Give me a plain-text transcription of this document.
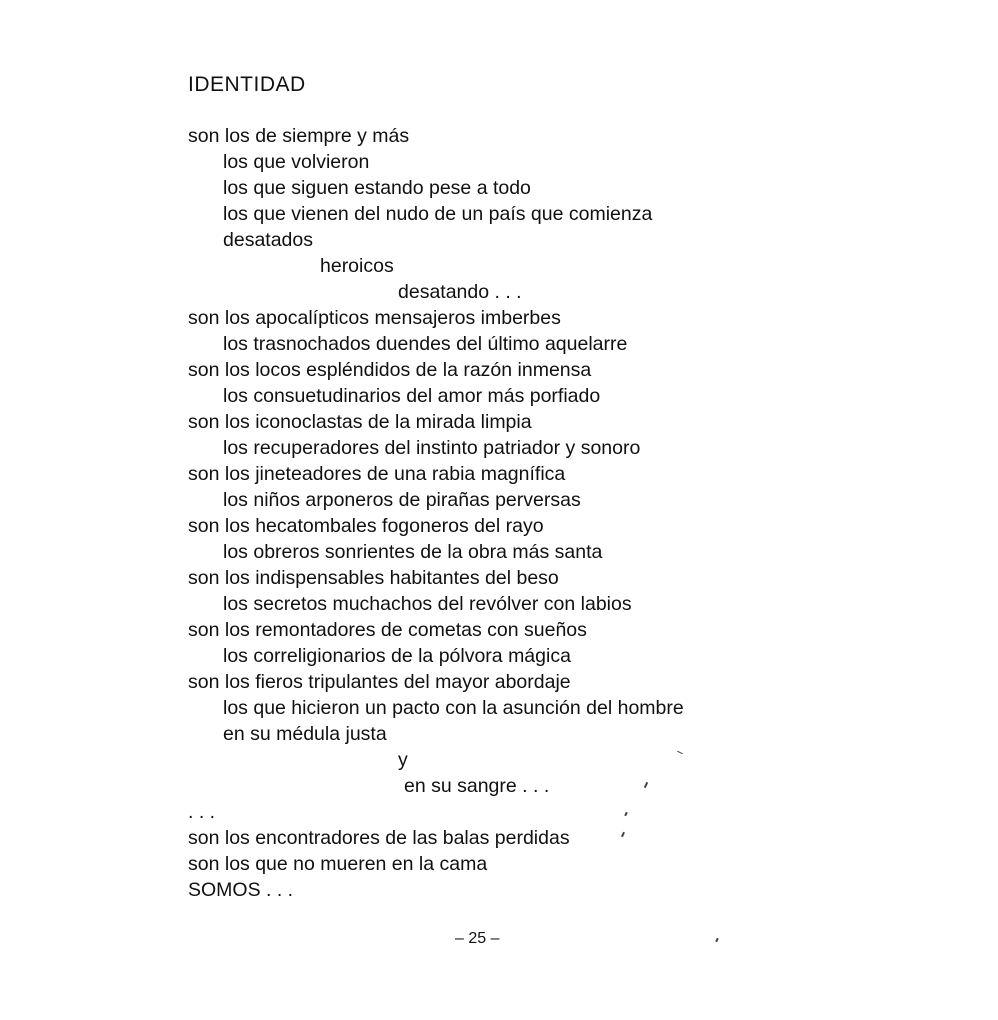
IDENTIDAD
son los de siempre y más
los que volvieron
los que siguen estando pese a todo
los que vienen del nudo de un país que comienza
desatados
heroicos
desatando . . .
son los apocalípticos mensajeros imberbes
los trasnochados duendes del último aquelarre
son los locos espléndidos de la razón inmensa
los consuetudinarios del amor más porfiado
son los iconoclastas de la mirada limpia
los recuperadores del instinto patriador y sonoro
son los jineteadores de una rabia magnífica
los niños arponeros de pirañas perversas
son los hecatombales fogoneros del rayo
los obreros sonrientes de la obra más santa
son los indispensables habitantes del beso
los secretos muchachos del revólver con labios
son los remontadores de cometas con sueños
los correligionarios de la pólvora mágica
son los fieros tripulantes del mayor abordaje
los que hicieron un pacto con la asunción del hombre
en su médula justa
y
en su sangre . . .
. . .
son los encontradores de las balas perdidas
son los que no mueren en la cama
SOMOS . . .
– 25 –
